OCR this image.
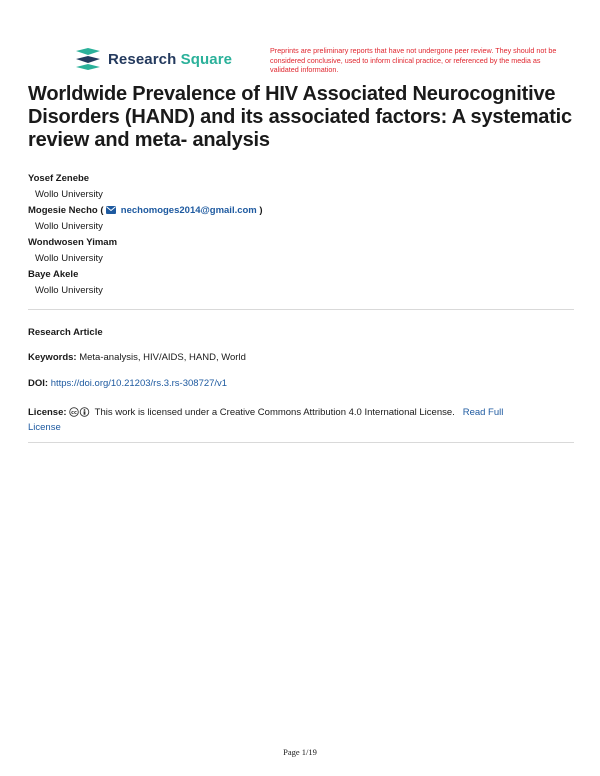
Research Square	Preprints are preliminary reports that have not undergone peer review. They should not be considered conclusive, used to inform clinical practice, or referenced by the media as validated information.
Worldwide Prevalence of HIV Associated Neurocognitive Disorders (HAND) and its associated factors: A systematic review and meta- analysis
Yosef Zenebe
Wollo University
Mogesie Necho ( nechomoges2014@gmail.com )
Wollo University
Wondwosen Yimam
Wollo University
Baye Akele
Wollo University
Research Article
Keywords: Meta-analysis, HIV/AIDS, HAND, World
DOI: https://doi.org/10.21203/rs.3.rs-308727/v1
License: cc This work is licensed under a Creative Commons Attribution 4.0 International License. Read Full
License
Page 1/19
